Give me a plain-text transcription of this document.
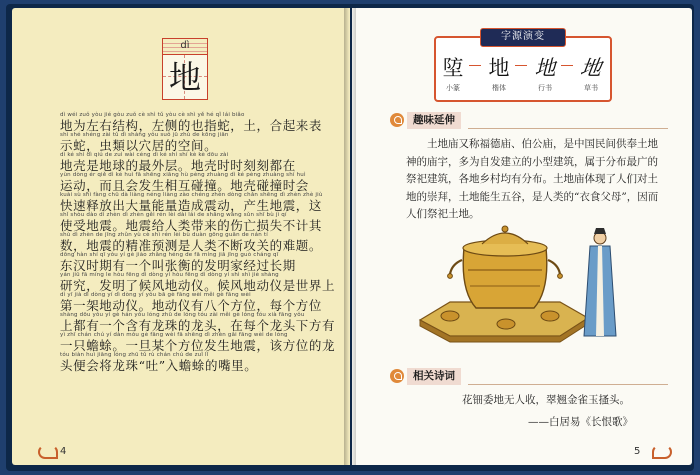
dì
地
dì wéi zuǒ yòu jié gòu zuǒ cè shì tǔ yòu cè shì yě hé qǐ lái biǎo
地为左右结构，左侧的也指蛇，土，合起来表
shì shé shéng zài tǔ dì shàng yǒu suǒ jū zhù de kōng jiān
示蛇，虫類以穴居的空间。
dì ké shì dì qiú de zuì wài céng dì ké shí shí kè kè dōu zài
地壳是地球的最外层。地壳时时刻刻都在
yùn dòng ér qiě dì ké huì fā shēng xiāng hù pèng zhuàng dì ké pèng zhuàng shí huì
运动，而且会发生相互碰撞。地壳碰撞时会
kuài sù shì fàng chū dà liàng néng liàng zào chéng zhèn dòng chǎn shēng dì zhèn zhè jiù
快速释放出大量能量造成震动，产生地震，这
shǐ shòu dào dì zhèn dì zhèn gěi rén lèi dài lái de shāng wáng sǔn shī bù jì qí
使受地震。地震给人类带来的伤亡损失不计其
shù dì zhèn de jīng zhǔn yù cè shì rén lèi bù duàn gōng guān de nán tí
数，地震的精准预测是人类不断攻关的难题。
dōng hàn shí qī yǒu yí gè jiào zhāng héng de fā míng jiā jīng guò cháng qī
东汉时期有一个叫张衡的发明家经过长期
yán jiū fā míng le hòu fēng dì dòng yí hòu fēng dì dòng yí shì shì jiè shàng
研究，发明了候风地动仪。候风地动仪是世界上
dì yī jià dì dòng yí dì dòng yí yǒu bā gè fāng wèi měi gè fāng wèi
第一架地动仪。地动仪有八个方位，每个方位
shàng dōu yǒu yí gè hán yǒu lóng zhū de lóng tóu zài měi gè lóng tóu xià fāng yǒu
上都有一个含有龙珠的龙头，在每个龙头下方有
yì zhī chán chú yí dàn mǒu gè fāng wèi fā shēng dì zhèn gāi fāng wèi de lóng
一只蟾蜍。一旦某个方位发生地震，该方位的龙
tóu biàn huì jiāng lóng zhū tǔ rù chán chú de zuǐ lǐ
头便会将龙珠“吐”入蟾蜍的嘴里。
4
字源演变
埅 地 地 地
小篆	楷体	行书	草书
趣味延伸

土地庙又称福德庙、伯公庙，是中国民间供奉土地神的庙宇，多为自发建立的小型建筑，属于分布最广的祭祀建筑，各地乡村均有分布。土地庙体现了人们对土地的崇拜，土地能生五谷，是人类的“衣食父母”，因而人们祭祀土地。

相关诗词
花钿委地无人收，翠翘金雀玉搔头。
——白居易《长恨歌》
5
